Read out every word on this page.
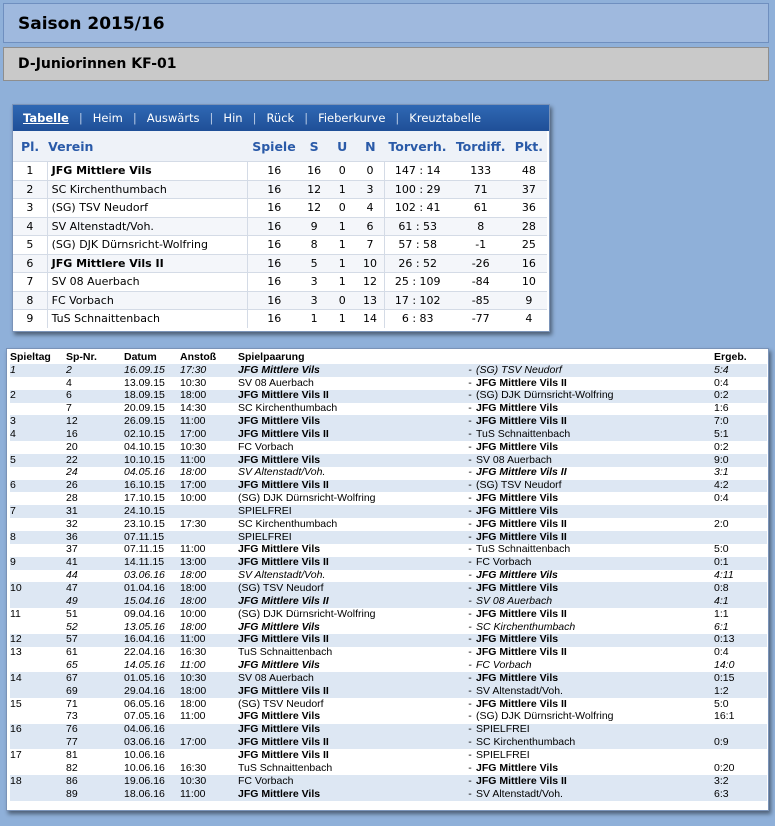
Saison 2015/16
D-Juniorinnen KF-01
Tabelle | Heim | Auswärts | Hin | Rück | Fieberkurve | Kreuztabelle
Pl.	Verein	Spiele	S	U	N	Torverh.	Tordiff.	Pkt.
1	JFG Mittlere Vils	16	16	0	0	147 : 14	133	48
2	SC Kirchenthumbach	16	12	1	3	100 : 29	71	37
3	(SG) TSV Neudorf	16	12	0	4	102 : 41	61	36
4	SV Altenstadt/Voh.	16	9	1	6	61 : 53	8	28
5	(SG) DJK Dürnsricht-Wolfring	16	8	1	7	57 : 58	-1	25
6	JFG Mittlere Vils II	16	5	1	10	26 : 52	-26	16
7	SV 08 Auerbach	16	3	1	12	25 : 109	-84	10
8	FC Vorbach	16	3	0	13	17 : 102	-85	9
9	TuS Schnaittenbach	16	1	1	14	6 : 83	-77	4
Spieltag	Sp-Nr.	Datum	Anstoß	Spielpaarung			Ergeb.
1	2	16.09.15	17:30	JFG Mittlere Vils	-	(SG) TSV Neudorf	5:4
	4	13.09.15	10:30	SV 08 Auerbach	-	JFG Mittlere Vils II	0:4
2	6	18.09.15	18:00	JFG Mittlere Vils II	-	(SG) DJK Dürnsricht-Wolfring	0:2
	7	20.09.15	14:30	SC Kirchenthumbach	-	JFG Mittlere Vils	1:6
3	12	26.09.15	11:00	JFG Mittlere Vils	-	JFG Mittlere Vils II	7:0
4	16	02.10.15	17:00	JFG Mittlere Vils II	-	TuS Schnaittenbach	5:1
	20	04.10.15	10:30	FC Vorbach	-	JFG Mittlere Vils	0:2
5	22	10.10.15	11:00	JFG Mittlere Vils	-	SV 08 Auerbach	9:0
	24	04.05.16	18:00	SV Altenstadt/Voh.	-	JFG Mittlere Vils II	3:1
6	26	16.10.15	17:00	JFG Mittlere Vils II	-	(SG) TSV Neudorf	4:2
	28	17.10.15	10:00	(SG) DJK Dürnsricht-Wolfring	-	JFG Mittlere Vils	0:4
7	31	24.10.15		SPIELFREI	-	JFG Mittlere Vils	
	32	23.10.15	17:30	SC Kirchenthumbach	-	JFG Mittlere Vils II	2:0
8	36	07.11.15		SPIELFREI	-	JFG Mittlere Vils II	
	37	07.11.15	11:00	JFG Mittlere Vils	-	TuS Schnaittenbach	5:0
9	41	14.11.15	13:00	JFG Mittlere Vils II	-	FC Vorbach	0:1
	44	03.06.16	18:00	SV Altenstadt/Voh.	-	JFG Mittlere Vils	4:11
10	47	01.04.16	18:00	(SG) TSV Neudorf	-	JFG Mittlere Vils	0:8
	49	15.04.16	18:00	JFG Mittlere Vils II	-	SV 08 Auerbach	4:1
11	51	09.04.16	10:00	(SG) DJK Dürnsricht-Wolfring	-	JFG Mittlere Vils II	1:1
	52	13.05.16	18:00	JFG Mittlere Vils	-	SC Kirchenthumbach	6:1
12	57	16.04.16	11:00	JFG Mittlere Vils II	-	JFG Mittlere Vils	0:13
13	61	22.04.16	16:30	TuS Schnaittenbach	-	JFG Mittlere Vils II	0:4
	65	14.05.16	11:00	JFG Mittlere Vils	-	FC Vorbach	14:0
14	67	01.05.16	10:30	SV 08 Auerbach	-	JFG Mittlere Vils	0:15
	69	29.04.16	18:00	JFG Mittlere Vils II	-	SV Altenstadt/Voh.	1:2
15	71	06.05.16	18:00	(SG) TSV Neudorf	-	JFG Mittlere Vils II	5:0
	73	07.05.16	11:00	JFG Mittlere Vils	-	(SG) DJK Dürnsricht-Wolfring	16:1
16	76	04.06.16		JFG Mittlere Vils	-	SPIELFREI	
	77	03.06.16	17:00	JFG Mittlere Vils II	-	SC Kirchenthumbach	0:9
17	81	10.06.16		JFG Mittlere Vils II	-	SPIELFREI	
	82	10.06.16	16:30	TuS Schnaittenbach	-	JFG Mittlere Vils	0:20
18	86	19.06.16	10:30	FC Vorbach	-	JFG Mittlere Vils II	3:2
	89	18.06.16	11:00	JFG Mittlere Vils	-	SV Altenstadt/Voh.	6:3
